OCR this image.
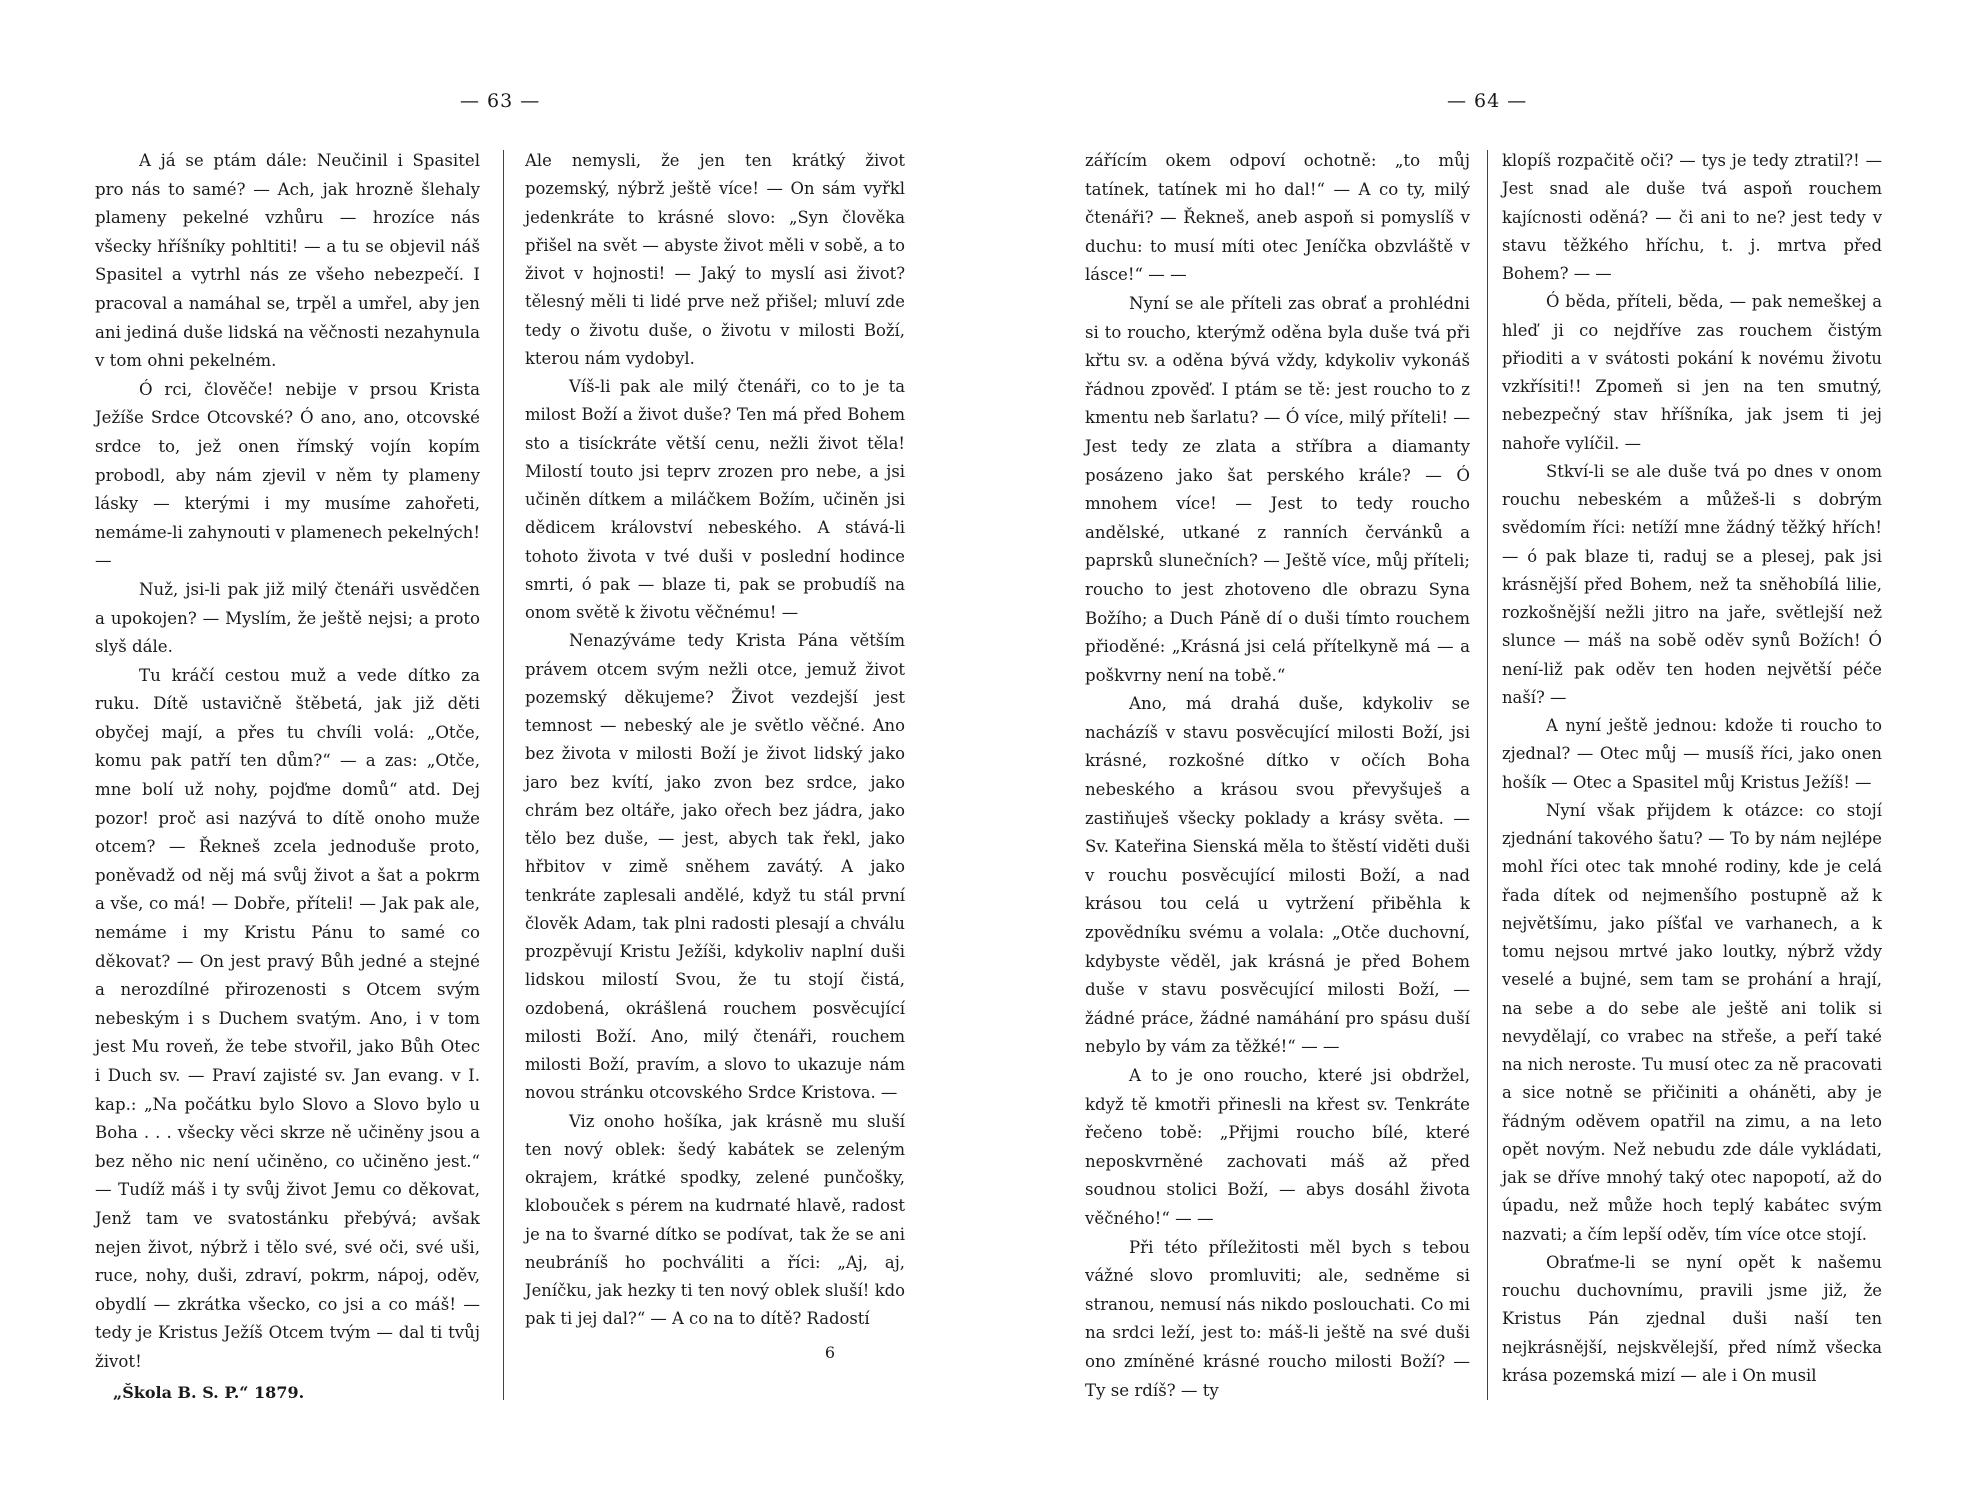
— 63 —	— 64 —

A já se ptám dále: Neučinil i Spasitel pro nás to samé? — Ach, jak hrozně šlehaly plameny pekelné vzhůru — hrozíce nás všecky hříšníky pohltiti! — a tu se objevil náš Spasitel a vytrhl nás ze všeho nebezpečí. I pracoval a namáhal se, trpěl a umřel, aby jen ani jediná duše lidská na věčnosti nezahynula v tom ohni pekelném.

Ó rci, člověče! nebije v prsou Krista Ježíše Srdce Otcovské? Ó ano, ano, otcovské srdce to, jež onen římský vojín kopím probodl, aby nám zjevil v něm ty plameny lásky — kterými i my musíme zahořeti, nemáme-li zahynouti v plamenech pekelných! —

Nuž, jsi-li pak již milý čtenáři usvědčen a upokojen? — Myslím, že ještě nejsi; a proto slyš dále.

Tu kráčí cestou muž a vede dítko za ruku. Dítě ustavičně štěbetá, jak již děti obyčej mají, a přes tu chvíli volá: „Otče, komu pak patří ten dům?“ — a zas: „Otče, mne bolí už nohy, pojďme domů“ atd. Dej pozor! proč asi nazývá to dítě onoho muže otcem? — Řekneš zcela jednoduše proto, poněvadž od něj má svůj život a šat a pokrm a vše, co má! — Dobře, příteli! — Jak pak ale, nemáme i my Kristu Pánu to samé co děkovat? — On jest pravý Bůh jedné a stejné a nerozdílné přirozenosti s Otcem svým nebeským i s Duchem svatým. Ano, i v tom jest Mu roveň, že tebe stvořil, jako Bůh Otec i Duch sv. — Praví zajisté sv. Jan evang. v I. kap.: „Na počátku bylo Slovo a Slovo bylo u Boha . . . všecky věci skrze ně učiněny jsou a bez něho nic není učiněno, co učiněno jest.“ — Tudíž máš i ty svůj život Jemu co děkovat, Jenž tam ve svatostánku přebývá; avšak nejen život, nýbrž i tělo své, své oči, své uši, ruce, nohy, duši, zdraví, pokrm, nápoj, oděv, obydlí — zkrátka všecko, co jsi a co máš! — tedy je Kristus Ježíš Otcem tvým — dal ti tvůj život!

„Škola B. S. P.“ 1879.

Ale nemysli, že jen ten krátký život pozemský, nýbrž ještě více! — On sám vyřkl jedenkráte to krásné slovo: „Syn člověka přišel na svět — abyste život měli v sobě, a to život v hojnosti! — Jaký to myslí asi život? tělesný měli ti lidé prve než přišel; mluví zde tedy o životu duše, o životu v milosti Boží, kterou nám vydobyl.

Víš-li pak ale milý čtenáři, co to je ta milost Boží a život duše? Ten má před Bohem sto a tisíckráte větší cenu, nežli život těla! Milostí touto jsi teprv zrozen pro nebe, a jsi učiněn dítkem a miláčkem Božím, učiněn jsi dědicem království nebeského. A stává-li tohoto života v tvé duši v poslední hodince smrti, ó pak — blaze ti, pak se probudíš na onom světě k životu věčnému! —

Nenazýváme tedy Krista Pána větším právem otcem svým nežli otce, jemuž život pozemský děkujeme? Život vezdejší jest temnost — nebeský ale je světlo věčné. Ano bez života v milosti Boží je život lidský jako jaro bez kvítí, jako zvon bez srdce, jako chrám bez oltáře, jako ořech bez jádra, jako tělo bez duše, — jest, abych tak řekl, jako hřbitov v zimě sněhem zavátý. A jako tenkráte zaplesali andělé, když tu stál první člověk Adam, tak plni radosti plesají a chválu prozpěvují Kristu Ježíši, kdykoliv naplní duši lidskou milostí Svou, že tu stojí čistá, ozdobená, okrášlená rouchem posvěcující milosti Boží. Ano, milý čtenáři, rouchem milosti Boží, pravím, a slovo to ukazuje nám novou stránku otcovského Srdce Kristova. —

Viz onoho hošíka, jak krásně mu sluší ten nový oblek: šedý kabátek se zeleným okrajem, krátké spodky, zelené punčošky, klobouček s pérem na kudrnaté hlavě, radost je na to švarné dítko se podívat, tak že se ani neubráníš ho pochváliti a říci: „Aj, aj, Jeníčku, jak hezky ti ten nový oblek sluší! kdo pak ti jej dal?“ — A co na to dítě? Radostí

6

zářícím okem odpoví ochotně: „to můj tatínek, tatínek mi ho dal!“ — A co ty, milý čtenáři? — Řekneš, aneb aspoň si pomyslíš v duchu: to musí míti otec Jeníčka obzvláště v lásce!“ — —

Nyní se ale příteli zas obrať a prohlédni si to roucho, kterýmž oděna byla duše tvá při křtu sv. a oděna bývá vždy, kdykoliv vykonáš řádnou zpověď. I ptám se tě: jest roucho to z kmentu neb šarlatu? — Ó více, milý příteli! — Jest tedy ze zlata a stříbra a diamanty posázeno jako šat perského krále? — Ó mnohem více! — Jest to tedy roucho andělské, utkané z ranních červánků a paprsků slunečních? — Ještě více, můj příteli; roucho to jest zhotoveno dle obrazu Syna Božího; a Duch Páně dí o duši tímto rouchem přioděné: „Krásná jsi celá přítelkyně má — a poškvrny není na tobě.“

Ano, má drahá duše, kdykoliv se nacházíš v stavu posvěcující milosti Boží, jsi krásné, rozkošné dítko v očích Boha nebeského a krásou svou převyšuješ a zastiňuješ všecky poklady a krásy světa. — Sv. Kateřina Sienská měla to štěstí viděti duši v rouchu posvěcující milosti Boží, a nad krásou tou celá u vytržení přiběhla k zpovědníku svému a volala: „Otče duchovní, kdybyste věděl, jak krásná je před Bohem duše v stavu posvěcující milosti Boží, — žádné práce, žádné namáhání pro spásu duší nebylo by vám za těžké!“ — —

A to je ono roucho, které jsi obdržel, když tě kmotři přinesli na křest sv. Tenkráte řečeno tobě: „Přijmi roucho bílé, které neposkvrněné zachovati máš až před soudnou stolici Boží, — abys dosáhl života věčného!“ — —

Při této příležitosti měl bych s tebou vážné slovo promluviti; ale, sedněme si stranou, nemusí nás nikdo poslouchati. Co mi na srdci leží, jest to: máš-li ještě na své duši ono zmíněné krásné roucho milosti Boží? — Ty se rdíš? — ty

klopíš rozpačitě oči? — tys je tedy ztratil?! — Jest snad ale duše tvá aspoň rouchem kajícnosti oděná? — či ani to ne? jest tedy v stavu těžkého hříchu, t. j. mrtva před Bohem? — —

Ó běda, příteli, běda, — pak nemeškej a hleď ji co nejdříve zas rouchem čistým přioditi a v svátosti pokání k novému životu vzkřísiti!! Zpomeň si jen na ten smutný, nebezpečný stav hříšníka, jak jsem ti jej nahoře vylíčil. —

Stkví-li se ale duše tvá po dnes v onom rouchu nebeském a můžeš-li s dobrým svědomím říci: netíží mne žádný těžký hřích! — ó pak blaze ti, raduj se a plesej, pak jsi krásnější před Bohem, než ta sněhobílá lilie, rozkošnější nežli jitro na jaře, světlejší než slunce — máš na sobě oděv synů Božích! Ó není-liž pak oděv ten hoden největší péče naší? —

A nyní ještě jednou: kdože ti roucho to zjednal? — Otec můj — musíš říci, jako onen hošík — Otec a Spasitel můj Kristus Ježíš! —

Nyní však přijdem k otázce: co stojí zjednání takového šatu? — To by nám nejlépe mohl říci otec tak mnohé rodiny, kde je celá řada dítek od nejmenšího postupně až k největšímu, jako píšťal ve varhanech, a k tomu nejsou mrtvé jako loutky, nýbrž vždy veselé a bujné, sem tam se prohání a hrají, na sebe a do sebe ale ještě ani tolik si nevydělají, co vrabec na střeše, a peří také na nich neroste. Tu musí otec za ně pracovati a sice notně se přičiniti a oháněti, aby je řádným oděvem opatřil na zimu, a na leto opět novým. Než nebudu zde dále vykládati, jak se dříve mnohý taký otec napopotí, až do úpadu, než může hoch teplý kabátec svým nazvati; a čím lepší oděv, tím více otce stojí.

Obraťme-li se nyní opět k našemu rouchu duchovnímu, pravili jsme již, že Kristus Pán zjednal duši naší ten nejkrásnější, nejskvělejší, před nímž všecka krása pozemská mizí — ale i On musil
